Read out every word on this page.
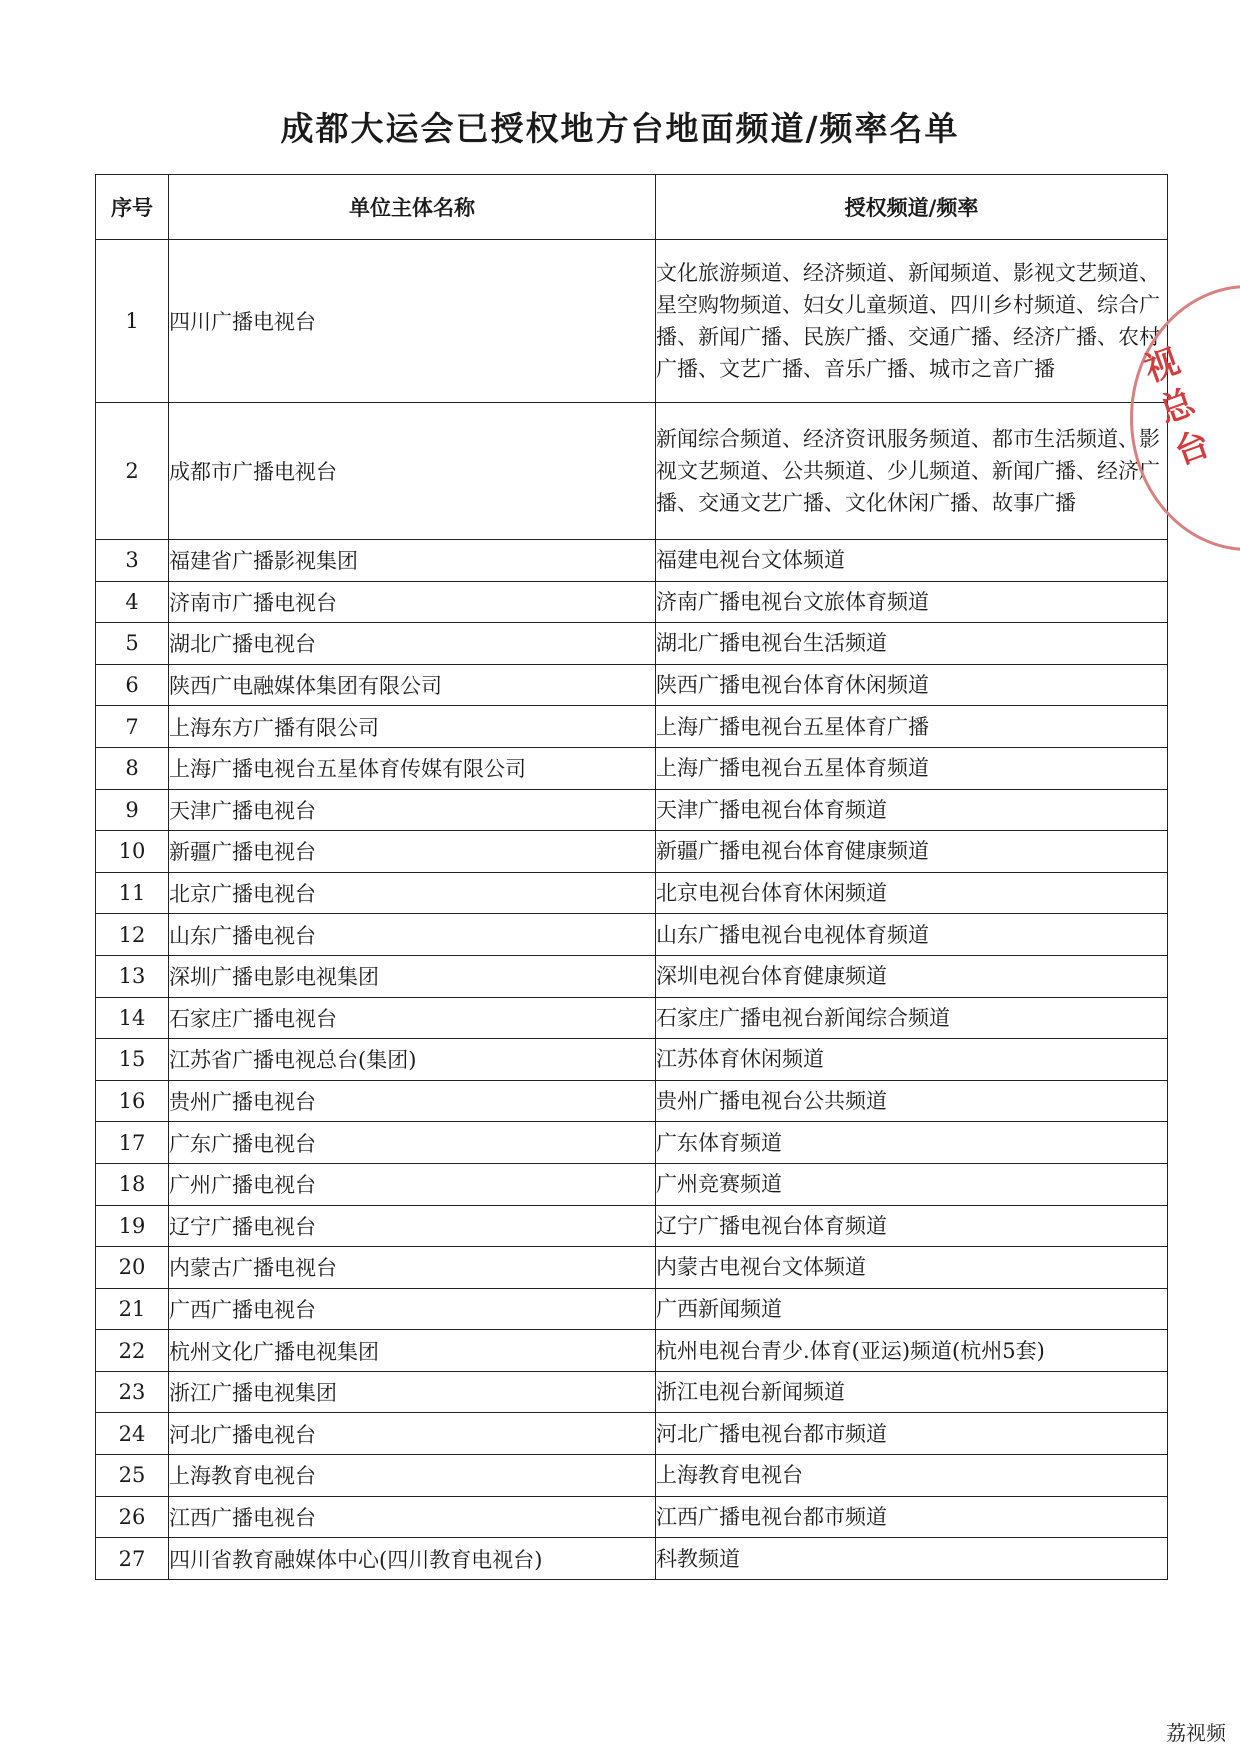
成都大运会已授权地方台地面频道/频率名单
序号	单位主体名称	授权频道/频率
1	四川广播电视台	文化旅游频道、经济频道、新闻频道、影视文艺频道、星空购物频道、妇女儿童频道、四川乡村频道、综合广播、新闻广播、民族广播、交通广播、经济广播、农村广播、文艺广播、音乐广播、城市之音广播
2	成都市广播电视台	新闻综合频道、经济资讯服务频道、都市生活频道、影视文艺频道、公共频道、少儿频道、新闻广播、经济广播、交通文艺广播、文化休闲广播、故事广播
3	福建省广播影视集团	福建电视台文体频道
4	济南市广播电视台	济南广播电视台文旅体育频道
5	湖北广播电视台	湖北广播电视台生活频道
6	陕西广电融媒体集团有限公司	陕西广播电视台体育休闲频道
7	上海东方广播有限公司	上海广播电视台五星体育广播
8	上海广播电视台五星体育传媒有限公司	上海广播电视台五星体育频道
9	天津广播电视台	天津广播电视台体育频道
10	新疆广播电视台	新疆广播电视台体育健康频道
11	北京广播电视台	北京电视台体育休闲频道
12	山东广播电视台	山东广播电视台电视体育频道
13	深圳广播电影电视集团	深圳电视台体育健康频道
14	石家庄广播电视台	石家庄广播电视台新闻综合频道
15	江苏省广播电视总台(集团)	江苏体育休闲频道
16	贵州广播电视台	贵州广播电视台公共频道
17	广东广播电视台	广东体育频道
18	广州广播电视台	广州竞赛频道
19	辽宁广播电视台	辽宁广播电视台体育频道
20	内蒙古广播电视台	内蒙古电视台文体频道
21	广西广播电视台	广西新闻频道
22	杭州文化广播电视集团	杭州电视台青少.体育(亚运)频道(杭州5套)
23	浙江广播电视集团	浙江电视台新闻频道
24	河北广播电视台	河北广播电视台都市频道
25	上海教育电视台	上海教育电视台
26	江西广播电视台	江西广播电视台都市频道
27	四川省教育融媒体中心(四川教育电视台)	科教频道
视总台
荔视频
